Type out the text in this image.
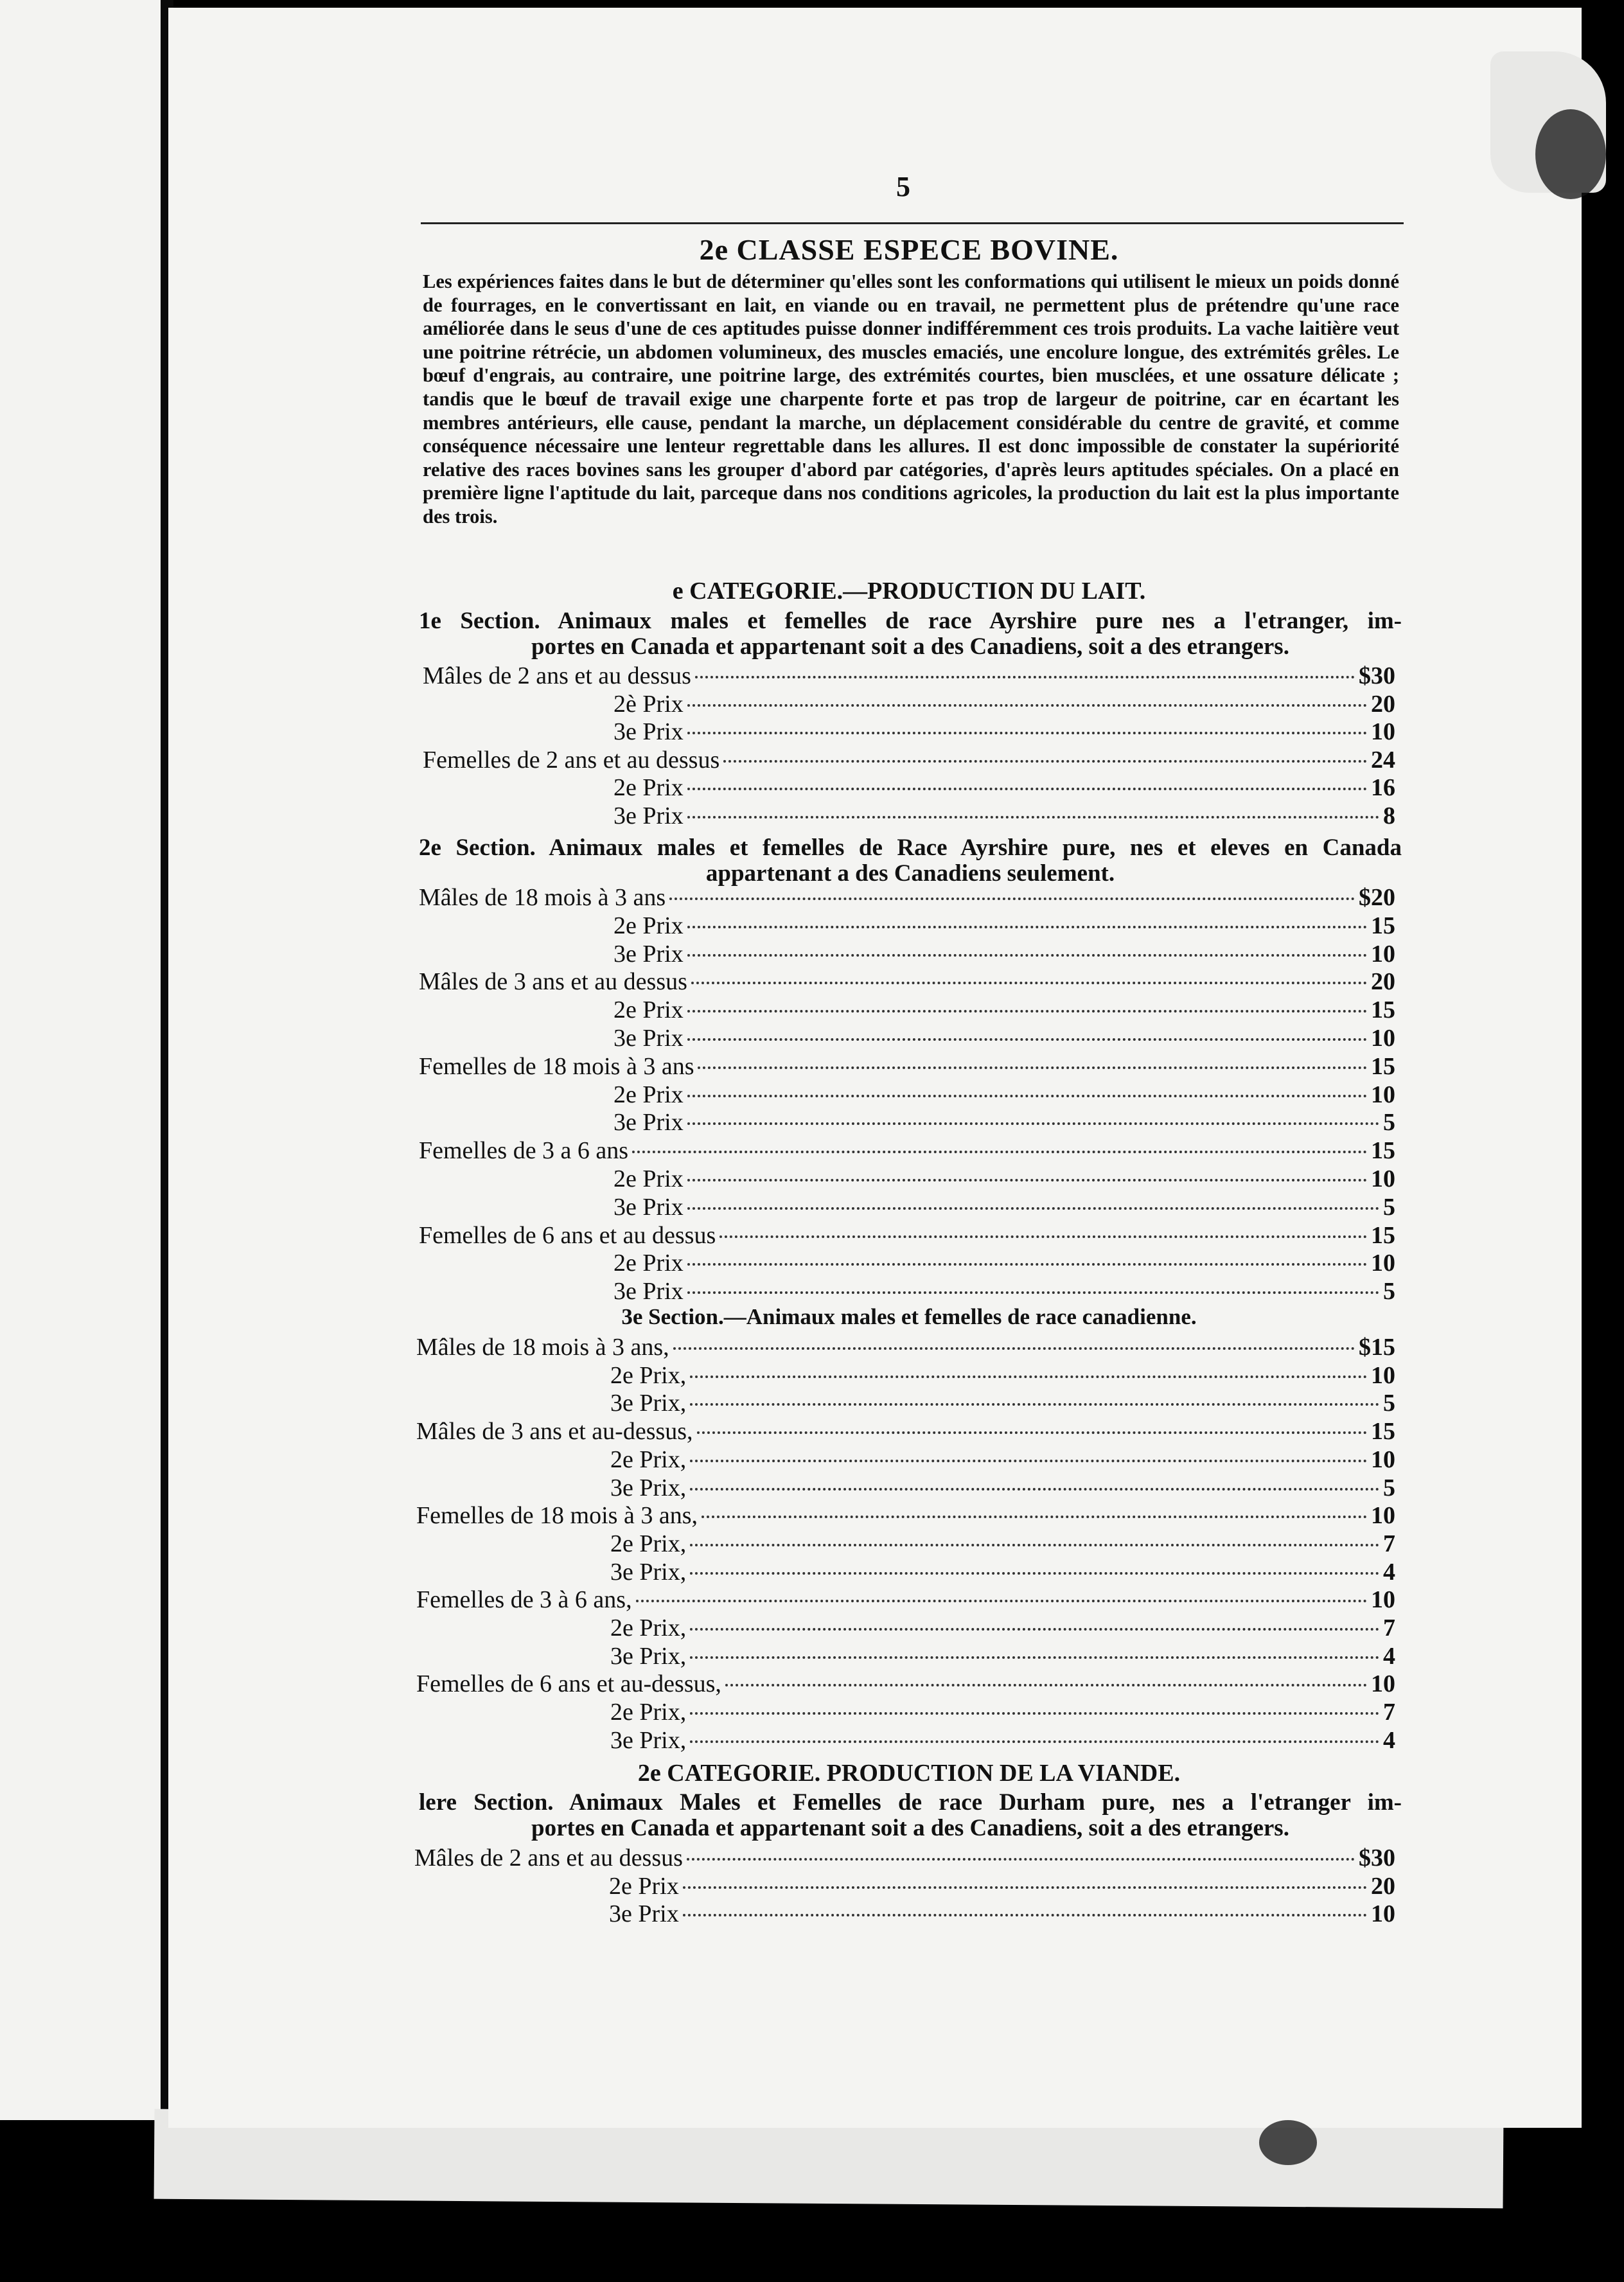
5
2e CLASSE ESPECE BOVINE.
Les expériences faites dans le but de déterminer qu'elles sont les conformations qui utilisent le mieux un poids donné de fourrages, en le convertissant en lait, en viande ou en travail, ne permettent plus de prétendre qu'une race améliorée dans le seus d'une de ces aptitudes puisse donner indifféremment ces trois produits. La vache laitière veut une poitrine rétrécie, un abdomen volumineux, des muscles emaciés, une encolure longue, des extrémités grêles. Le bœuf d'engrais, au contraire, une poitrine large, des extrémités courtes, bien musclées, et une ossature délicate ; tandis que le bœuf de travail exige une charpente forte et pas trop de largeur de poitrine, car en écartant les membres antérieurs, elle cause, pendant la marche, un déplacement considérable du centre de gravité, et comme conséquence nécessaire une lenteur regrettable dans les allures. Il est donc impossible de constater la supériorité relative des races bovines sans les grouper d'abord par catégories, d'après leurs aptitudes spéciales. On a placé en première ligne l'aptitude du lait, parceque dans nos conditions agricoles, la production du lait est la plus importante des trois.
e CATEGORIE.—PRODUCTION DU LAIT.
1e Section. Animaux males et femelles de race Ayrshire pure nes a l'etranger, im-
portes en Canada et appartenant soit a des Canadiens, soit a des etrangers.
Mâles de 2 ans et au dessus	$30
2è Prix	20
3e Prix	10
Femelles de 2 ans et au dessus	24
2e Prix	16
3e Prix	8
2e Section. Animaux males et femelles de Race Ayrshire pure, nes et eleves en Canada
appartenant a des Canadiens seulement.
Mâles de 18 mois à 3 ans	$20
2e Prix	15
3e Prix	10
Mâles de 3 ans et au dessus	20
2e Prix	15
3e Prix	10
Femelles de 18 mois à 3 ans	15
2e Prix	10
3e Prix	5
Femelles de 3 a 6 ans	15
2e Prix	10
3e Prix	5
Femelles de 6 ans et au dessus	15
2e Prix	10
3e Prix	5
3e Section.—Animaux males et femelles de race canadienne.
Mâles de 18 mois à 3 ans,	$15
2e Prix,	10
3e Prix,	5
Mâles de 3 ans et au-dessus,	15
2e Prix,	10
3e Prix,	5
Femelles de 18 mois à 3 ans,	10
2e Prix,	7
3e Prix,	4
Femelles de 3 à 6 ans,	10
2e Prix,	7
3e Prix,	4
Femelles de 6 ans et au-dessus,	10
2e Prix,	7
3e Prix,	4
2e CATEGORIE. PRODUCTION DE LA VIANDE.
lere Section. Animaux Males et Femelles de race Durham pure, nes a l'etranger im-
portes en Canada et appartenant soit a des Canadiens, soit a des etrangers.
Mâles de 2 ans et au dessus	$30
2e Prix	20
3e Prix	10
